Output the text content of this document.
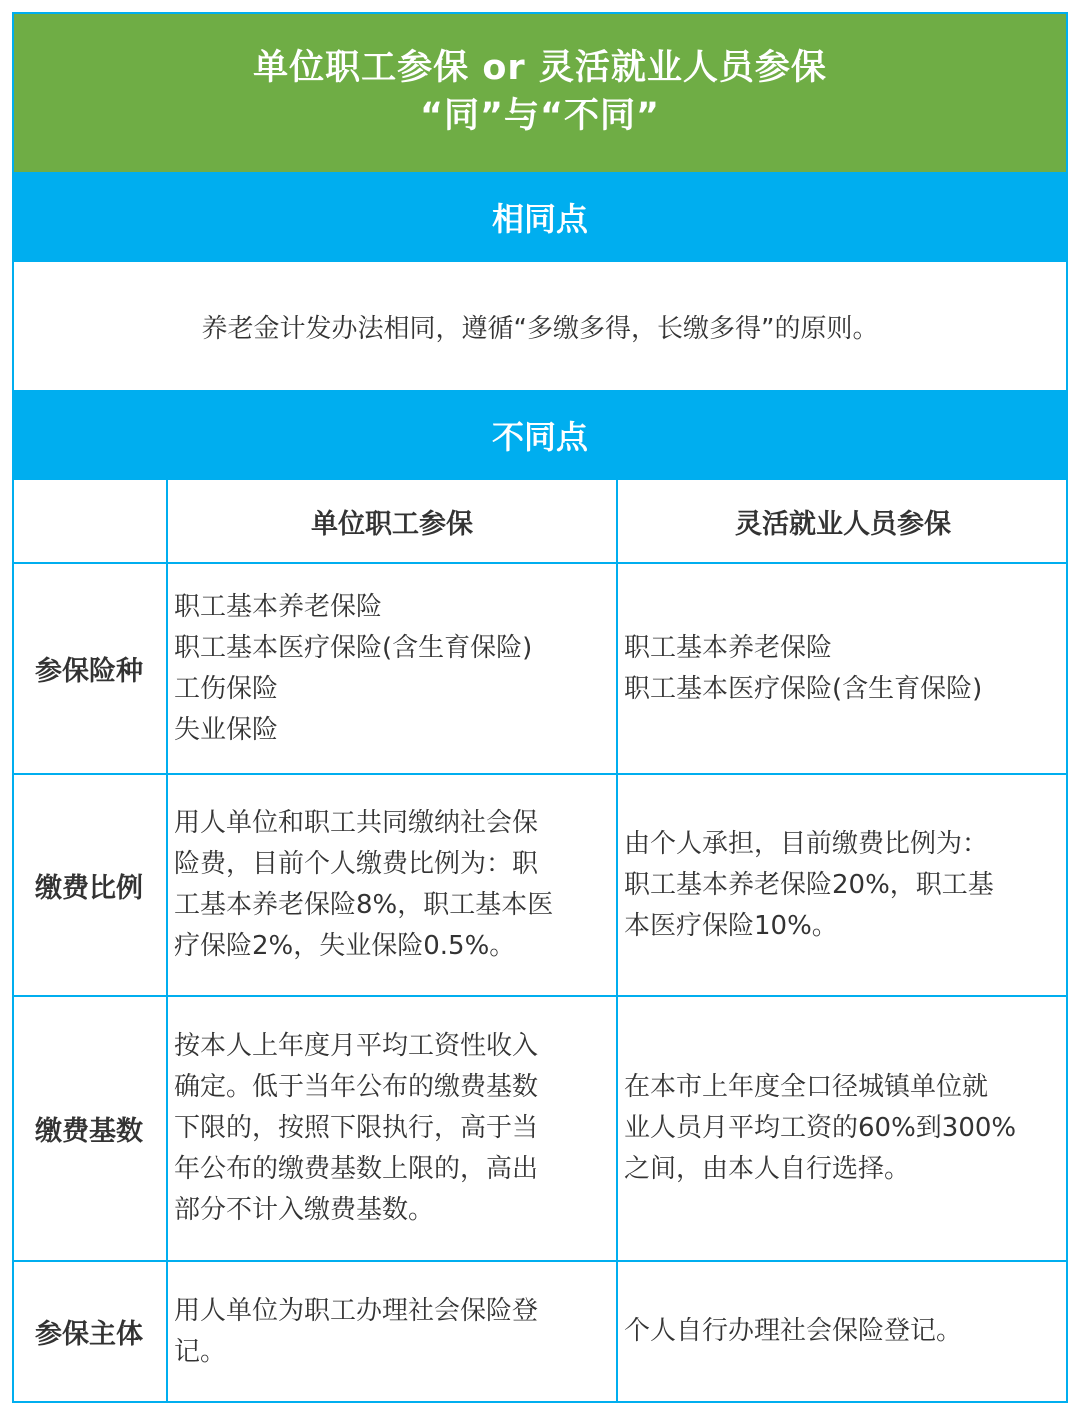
单位职工参保 or 灵活就业人员参保
“同”与“不同”
相同点
养老金计发办法相同，遵循“多缴多得，长缴多得”的原则。
不同点
单位职工参保	灵活就业人员参保
参保险种
职工基本养老保险
职工基本医疗保险(含生育保险)
工伤保险
失业保险
职工基本养老保险
职工基本医疗保险(含生育保险)
缴费比例
用人单位和职工共同缴纳社会保
险费，目前个人缴费比例为：职
工基本养老保险8%，职工基本医
疗保险2%，失业保险0.5%。
由个人承担，目前缴费比例为：
职工基本养老保险20%，职工基
本医疗保险10%。
缴费基数
按本人上年度月平均工资性收入
确定。低于当年公布的缴费基数
下限的，按照下限执行，高于当
年公布的缴费基数上限的，高出
部分不计入缴费基数。
在本市上年度全口径城镇单位就
业人员月平均工资的60%到300%
之间，由本人自行选择。
参保主体
用人单位为职工办理社会保险登
记。
个人自行办理社会保险登记。
